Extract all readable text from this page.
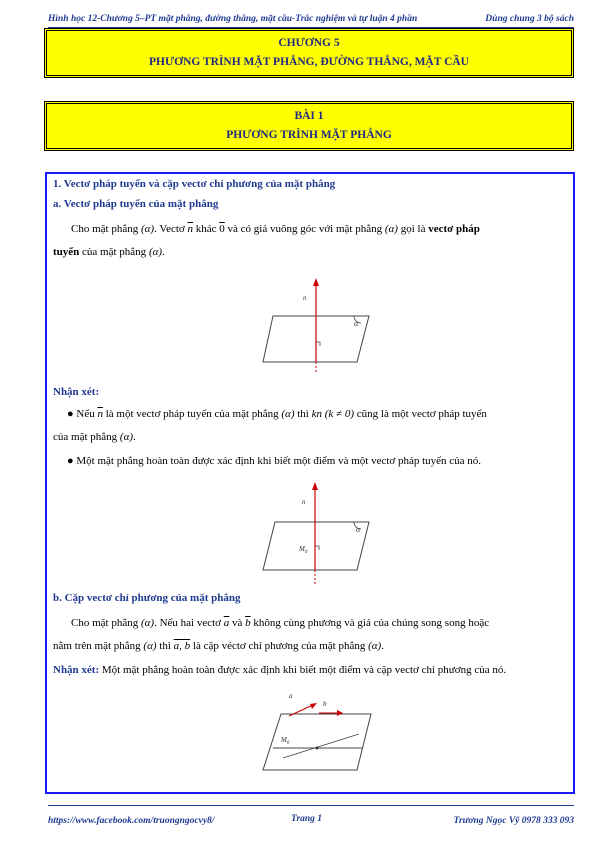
Hình học 12-Chương 5–PT mặt phẳng, đường thẳng, mặt cầu-Trắc nghiệm và tự luận 4 phần	Dùng chung 3 bộ sách
CHƯƠNG 5
PHƯƠNG TRÌNH MẶT PHẲNG, ĐƯỜNG THẲNG, MẶT CẦU
BÀI 1
PHƯƠNG TRÌNH MẶT PHẲNG
1. Vectơ pháp tuyến và cặp vectơ chỉ phương của mặt phẳng
a. Vectơ pháp tuyến của mặt phẳng
Cho mặt phẳng (α). Vectơ $\overline{n}$ khác 0 và có giá vuông góc với mặt phẳng (α) gọi là vectơ pháp
tuyến của mặt phẳng (α).
n
α
Nhận xét:
● Nếu $\overline{n}$ là một vectơ pháp tuyến của mặt phẳng (α) thì kn (k ≠ 0) cũng là một vectơ pháp tuyến
của mặt phẳng (α).
● Một mặt phẳng hoàn toàn được xác định khi biết một điểm và một vectơ pháp tuyến của nó.
n
α
$M_0$
b. Cặp vectơ chỉ phương của mặt phẳng
Cho mặt phẳng (α). Nếu hai vectơ $\overline{a}$ và $\overline{b}$ không cùng phương và giá của chúng song song hoặc
nằm trên mặt phẳng (α) thì a, b là cặp véctơ chỉ phương của mặt phẳng (α).
Nhận xét: Một mặt phẳng hoàn toàn được xác định khi biết một điểm và cặp vectơ chỉ phương của nó.
a
b
$M_0$
https://www.facebook.com/truongngocvy8/	Trang 1	Trương Ngọc Vỹ 0978 333 093
